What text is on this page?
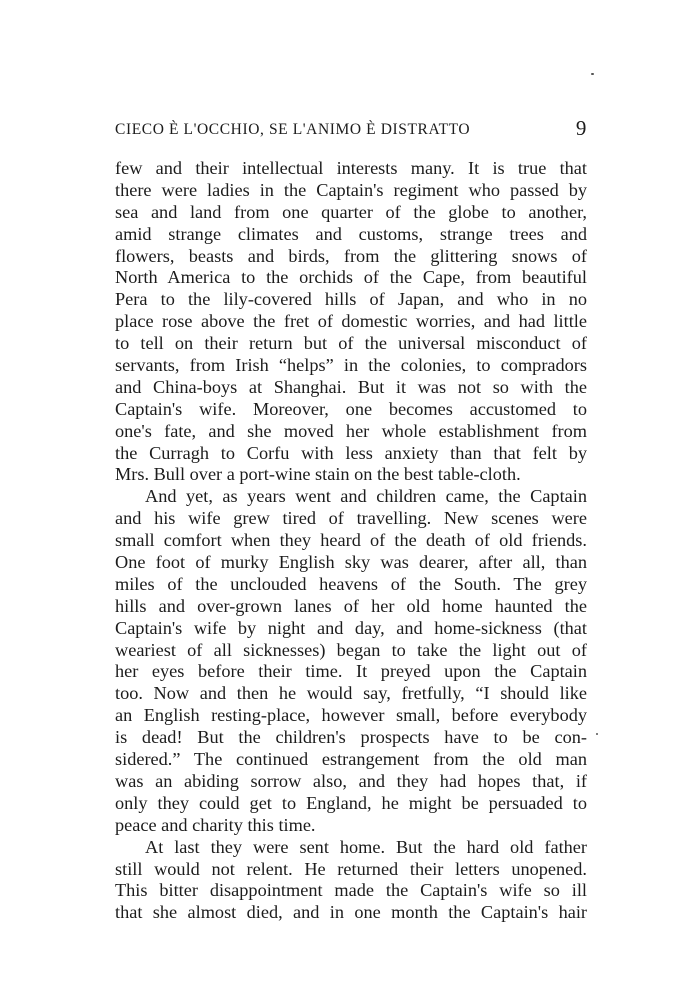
CIECO È L'OCCHIO, SE L'ANIMO È DISTRATTO	9
few and their intellectual interests many. It is true that
there were ladies in the Captain's regiment who passed by
sea and land from one quarter of the globe to another,
amid strange climates and customs, strange trees and
flowers, beasts and birds, from the glittering snows of
North America to the orchids of the Cape, from beautiful
Pera to the lily-covered hills of Japan, and who in no
place rose above the fret of domestic worries, and had little
to tell on their return but of the universal misconduct of
servants, from Irish “helps” in the colonies, to compradors
and China-boys at Shanghai. But it was not so with the
Captain's wife. Moreover, one becomes accustomed to
one's fate, and she moved her whole establishment from
the Curragh to Corfu with less anxiety than that felt by
Mrs. Bull over a port-wine stain on the best table-cloth.
And yet, as years went and children came, the Captain
and his wife grew tired of travelling. New scenes were
small comfort when they heard of the death of old friends.
One foot of murky English sky was dearer, after all, than
miles of the unclouded heavens of the South. The grey
hills and over-grown lanes of her old home haunted the
Captain's wife by night and day, and home-sickness (that
weariest of all sicknesses) began to take the light out of
her eyes before their time. It preyed upon the Captain
too. Now and then he would say, fretfully, “I should like
an English resting-place, however small, before everybody
is dead! But the children's prospects have to be con-
sidered.” The continued estrangement from the old man
was an abiding sorrow also, and they had hopes that, if
only they could get to England, he might be persuaded to
peace and charity this time.
At last they were sent home. But the hard old father
still would not relent. He returned their letters unopened.
This bitter disappointment made the Captain's wife so ill
that she almost died, and in one month the Captain's hair
